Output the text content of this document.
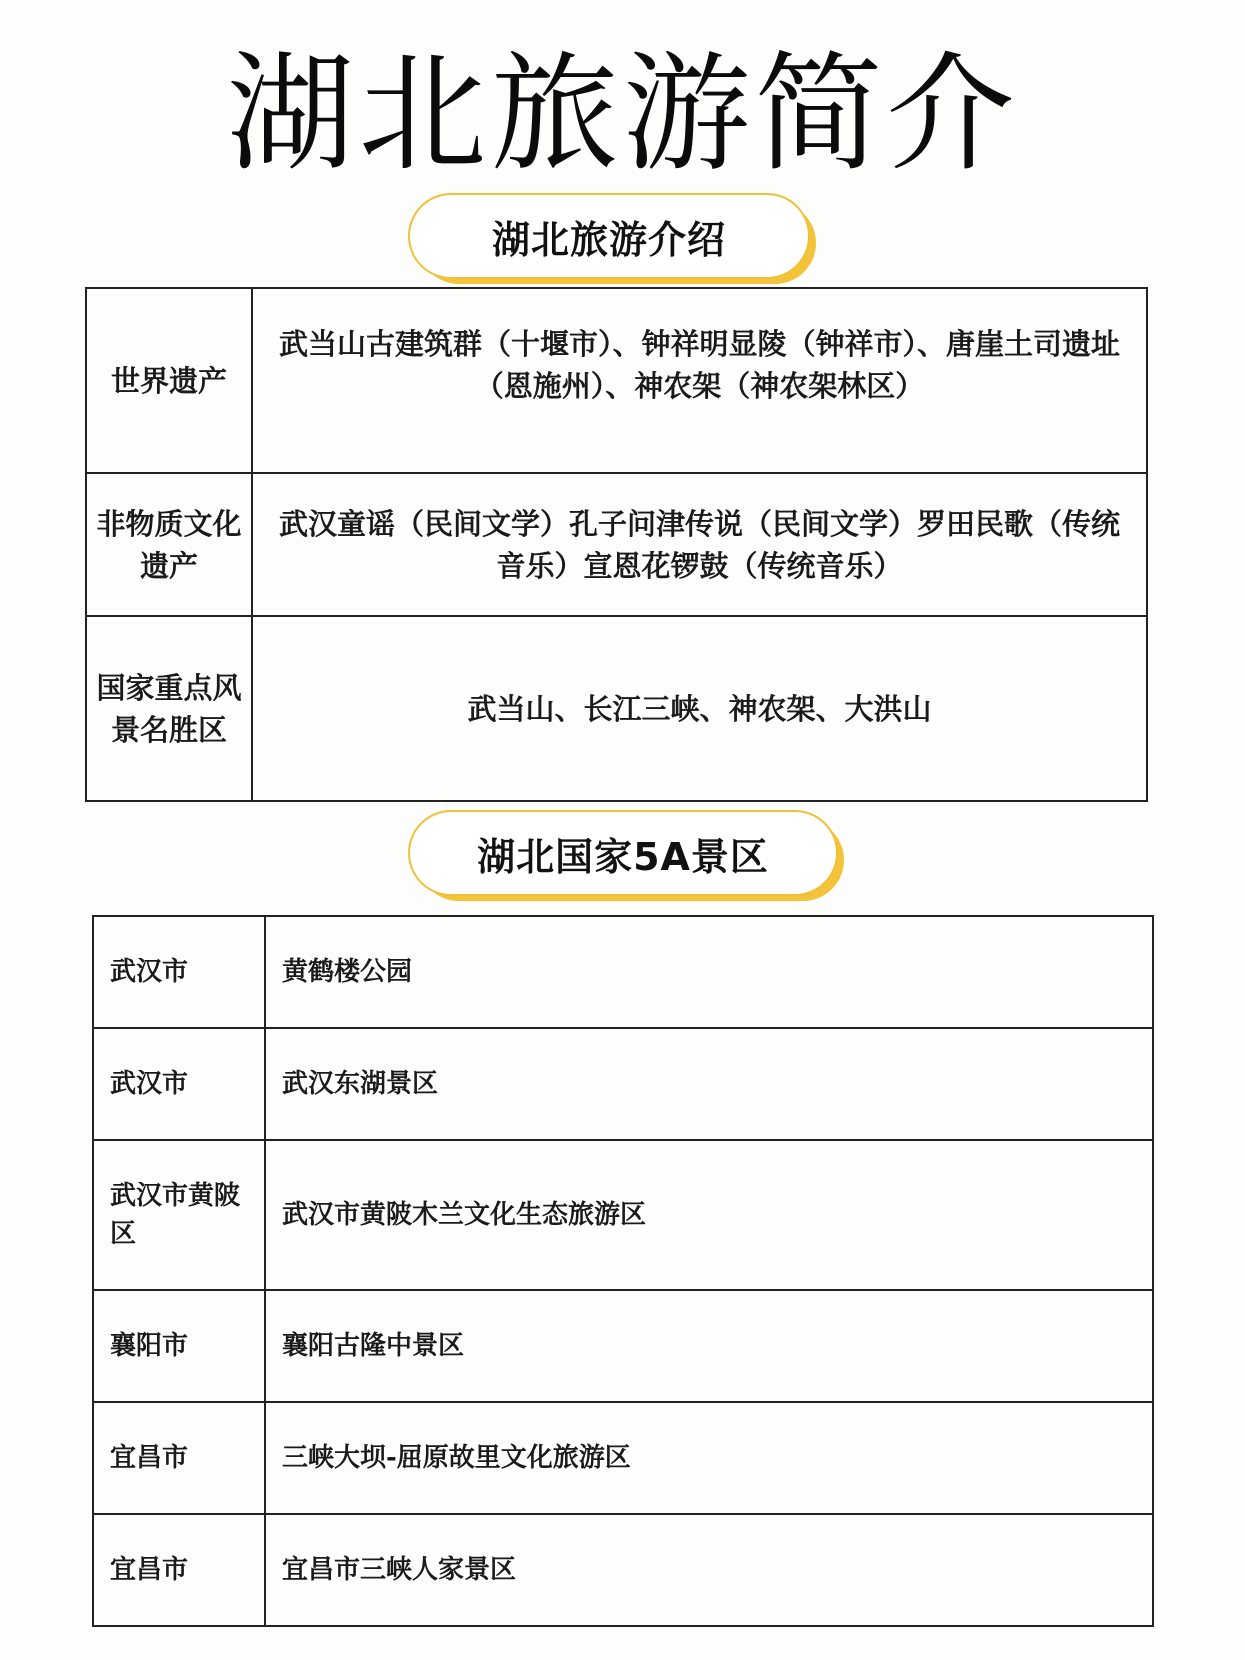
湖北旅游简介
湖北旅游介绍
世界遗产	武当山古建筑群（十堰市）、钟祥明显陵（钟祥市）、唐崖土司遗址（恩施州）、神农架（神农架林区）
非物质文化遗产	武汉童谣（民间文学）孔子问津传说（民间文学）罗田民歌（传统音乐）宣恩花锣鼓（传统音乐）
国家重点风景名胜区	武当山、长江三峡、神农架、大洪山
湖北国家5A景区
武汉市	黄鹤楼公园
武汉市	武汉东湖景区
武汉市黄陂区	武汉市黄陂木兰文化生态旅游区
襄阳市	襄阳古隆中景区
宜昌市	三峡大坝-屈原故里文化旅游区
宜昌市	宜昌市三峡人家景区
